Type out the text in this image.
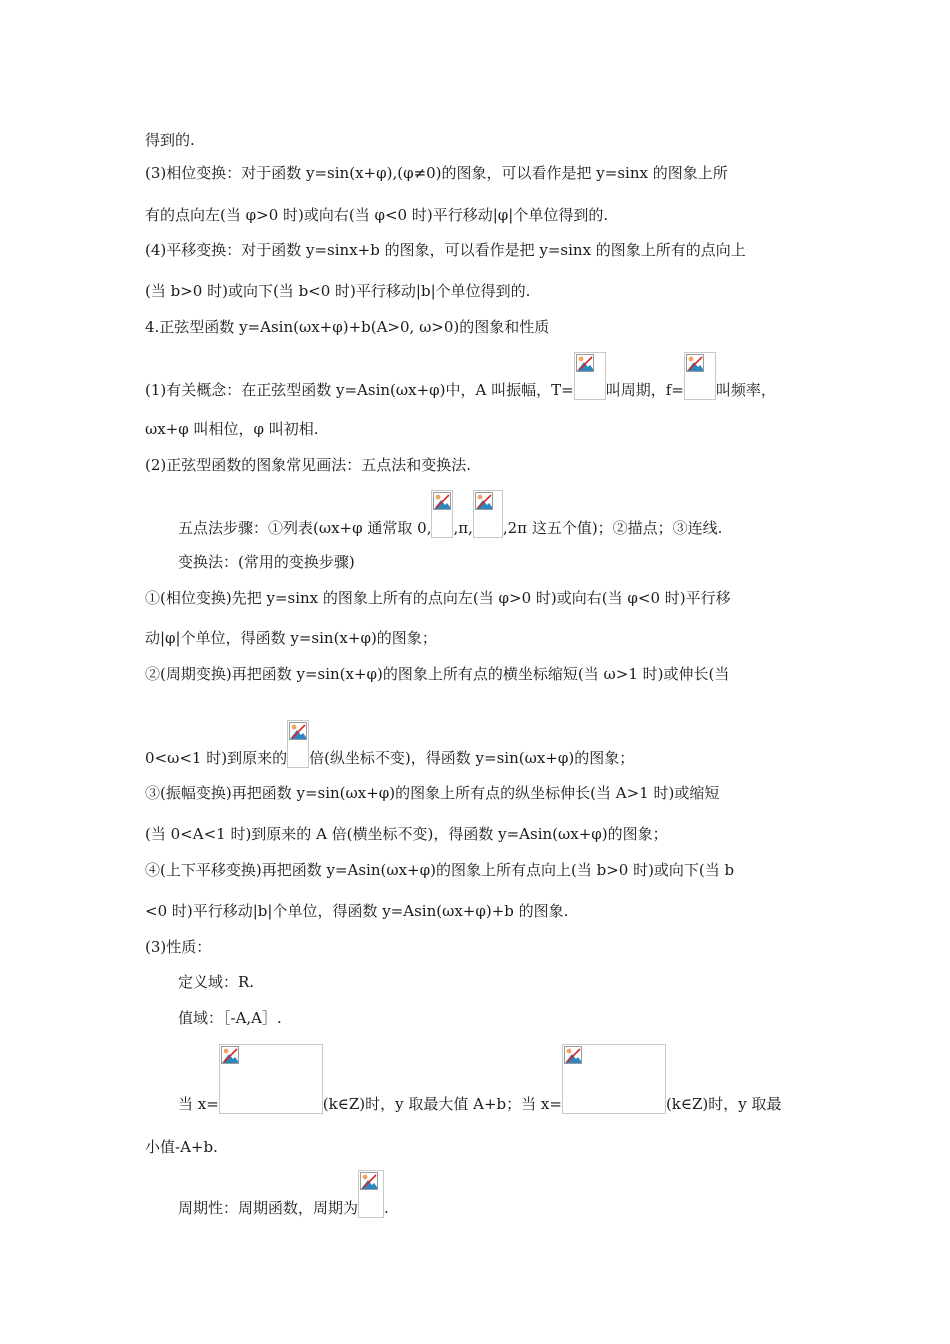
得到的.
(3)相位变换：对于函数 y=sin(x+φ),(φ≠0)的图象，可以看作是把 y=sinx 的图象上所
有的点向左(当 φ>0 时)或向右(当 φ<0 时)平行移动|φ|个单位得到的.
(4)平移变换：对于函数 y=sinx+b 的图象，可以看作是把 y=sinx 的图象上所有的点向上
(当 b>0 时)或向下(当 b<0 时)平行移动|b|个单位得到的.
4.正弦型函数 y=Asin(ωx+φ)+b(A>0, ω>0)的图象和性质
(1)有关概念：在正弦型函数 y=Asin(ωx+φ)中，A 叫振幅，T= 叫周期，f= 叫频率，
ωx+φ 叫相位，φ 叫初相.
(2)正弦型函数的图象常见画法：五点法和变换法.
五点法步骤：①列表(ωx+φ 通常取 0, ,π, ,2π 这五个值)；②描点；③连线.
变换法：(常用的变换步骤)
①(相位变换)先把 y=sinx 的图象上所有的点向左(当 φ>0 时)或向右(当 φ<0 时)平行移
动|φ|个单位，得函数 y=sin(x+φ)的图象；
②(周期变换)再把函数 y=sin(x+φ)的图象上所有点的横坐标缩短(当 ω>1 时)或伸长(当
0<ω<1 时)到原来的 倍(纵坐标不变)，得函数 y=sin(ωx+φ)的图象；
③(振幅变换)再把函数 y=sin(ωx+φ)的图象上所有点的纵坐标伸长(当 A>1 时)或缩短
(当 0<A<1 时)到原来的 A 倍(横坐标不变)，得函数 y=Asin(ωx+φ)的图象；
④(上下平移变换)再把函数 y=Asin(ωx+φ)的图象上所有点向上(当 b>0 时)或向下(当 b
<0 时)平行移动|b|个单位，得函数 y=Asin(ωx+φ)+b 的图象.
(3)性质：
定义域：R.
值域：［-A,A］.
当 x=	(k∈Z)时，y 取最大值 A+b；当 x=	(k∈Z)时，y 取最
小值-A+b.
周期性：周期函数，周期为 .
